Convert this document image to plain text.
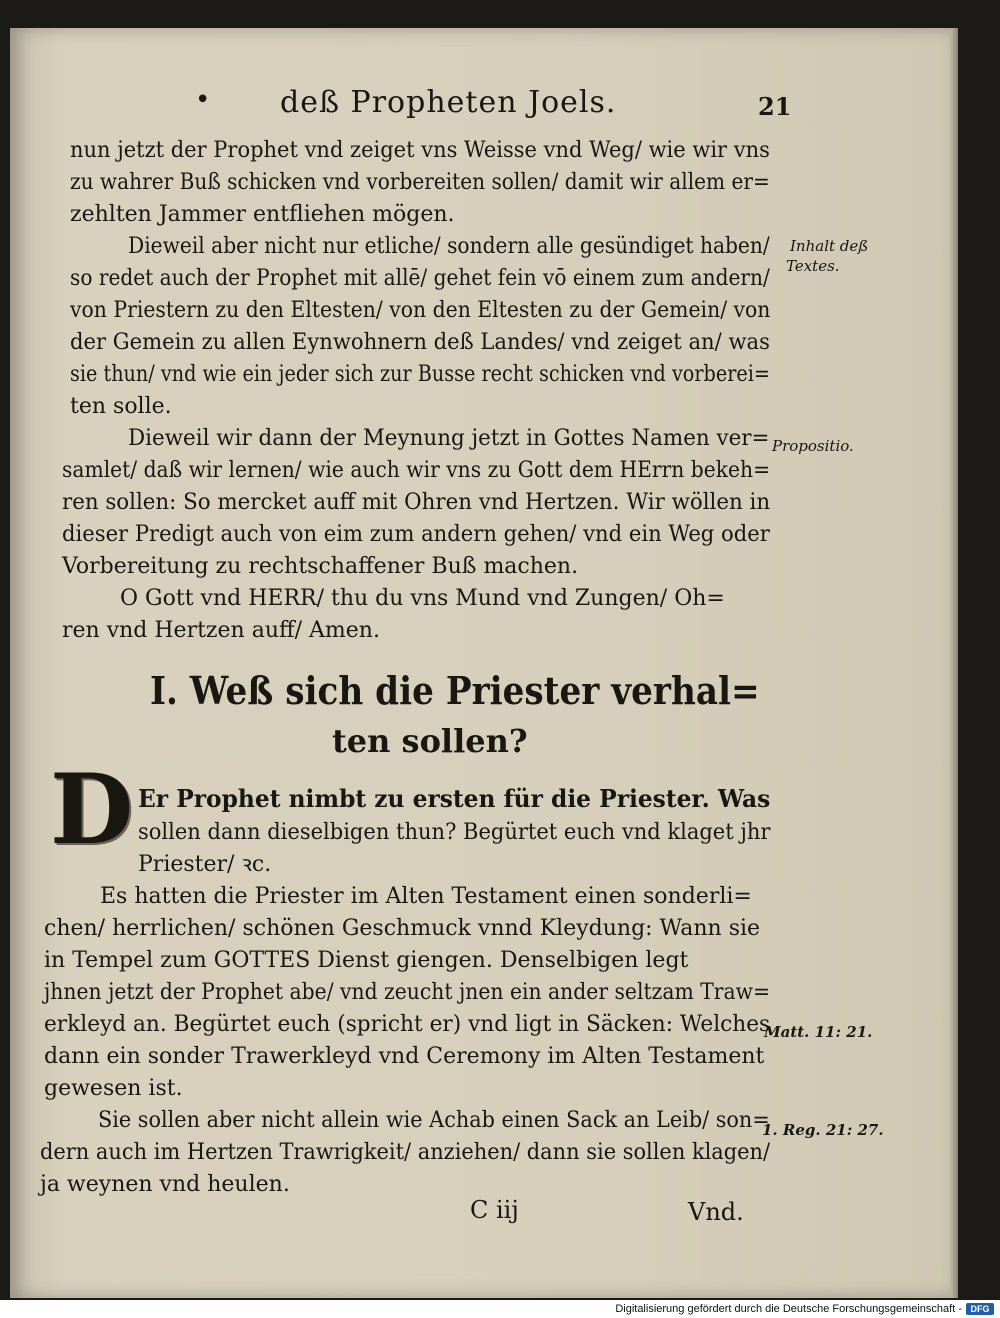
• deß Propheten Joels.	21
nun jetzt der Prophet vnd zeiget vns Weisse vnd Weg/ wie wir vns
zu wahrer Buß schicken vnd vorbereiten sollen/ damit wir allem er=
zehlten Jammer entfliehen mögen.
Dieweil aber nicht nur etliche/ sondern alle gesündiget haben/
so redet auch der Prophet mit allē/ gehet fein vō einem zum andern/
von Priestern zu den Eltesten/ von den Eltesten zu der Gemein/ von
der Gemein zu allen Eynwohnern deß Landes/ vnd zeiget an/ was
sie thun/ vnd wie ein jeder sich zur Busse recht schicken vnd vorberei=
ten solle.
Dieweil wir dann der Meynung jetzt in Gottes Namen ver=
samlet/ daß wir lernen/ wie auch wir vns zu Gott dem HErrn bekeh=
ren sollen: So mercket auff mit Ohren vnd Hertzen. Wir wöllen in
dieser Predigt auch von eim zum andern gehen/ vnd ein Weg oder
Vorbereitung zu rechtschaffener Buß machen.
O Gott vnd HERR/ thu du vns Mund vnd Zungen/ Oh=
ren vnd Hertzen auff/ Amen.
I. Weß sich die Priester verhal=
ten sollen?
D Er Prophet nimbt zu ersten für die Priester. Was
sollen dann dieselbigen thun? Begürtet euch vnd klaget jhr
Priester/ ꝛc.
Es hatten die Priester im Alten Testament einen sonderli=
chen/ herrlichen/ schönen Geschmuck vnnd Kleydung: Wann sie
in Tempel zum GOTTES Dienst giengen. Denselbigen legt
jhnen jetzt der Prophet abe/ vnd zeucht jnen ein ander seltzam Traw=
erkleyd an. Begürtet euch (spricht er) vnd ligt in Säcken: Welches
dann ein sonder Trawerkleyd vnd Ceremony im Alten Testament
gewesen ist.
Sie sollen aber nicht allein wie Achab einen Sack an Leib/ son=
dern auch im Hertzen Trawrigkeit/ anziehen/ dann sie sollen klagen/
ja weynen vnd heulen.
Inhalt deß
Textes.
Propositio.
Matt. 11: 21.
1. Reg. 21: 27.
C iij	Vnd.
Digitalisierung gefördert durch die Deutsche Forschungsgemeinschaft - DFG
